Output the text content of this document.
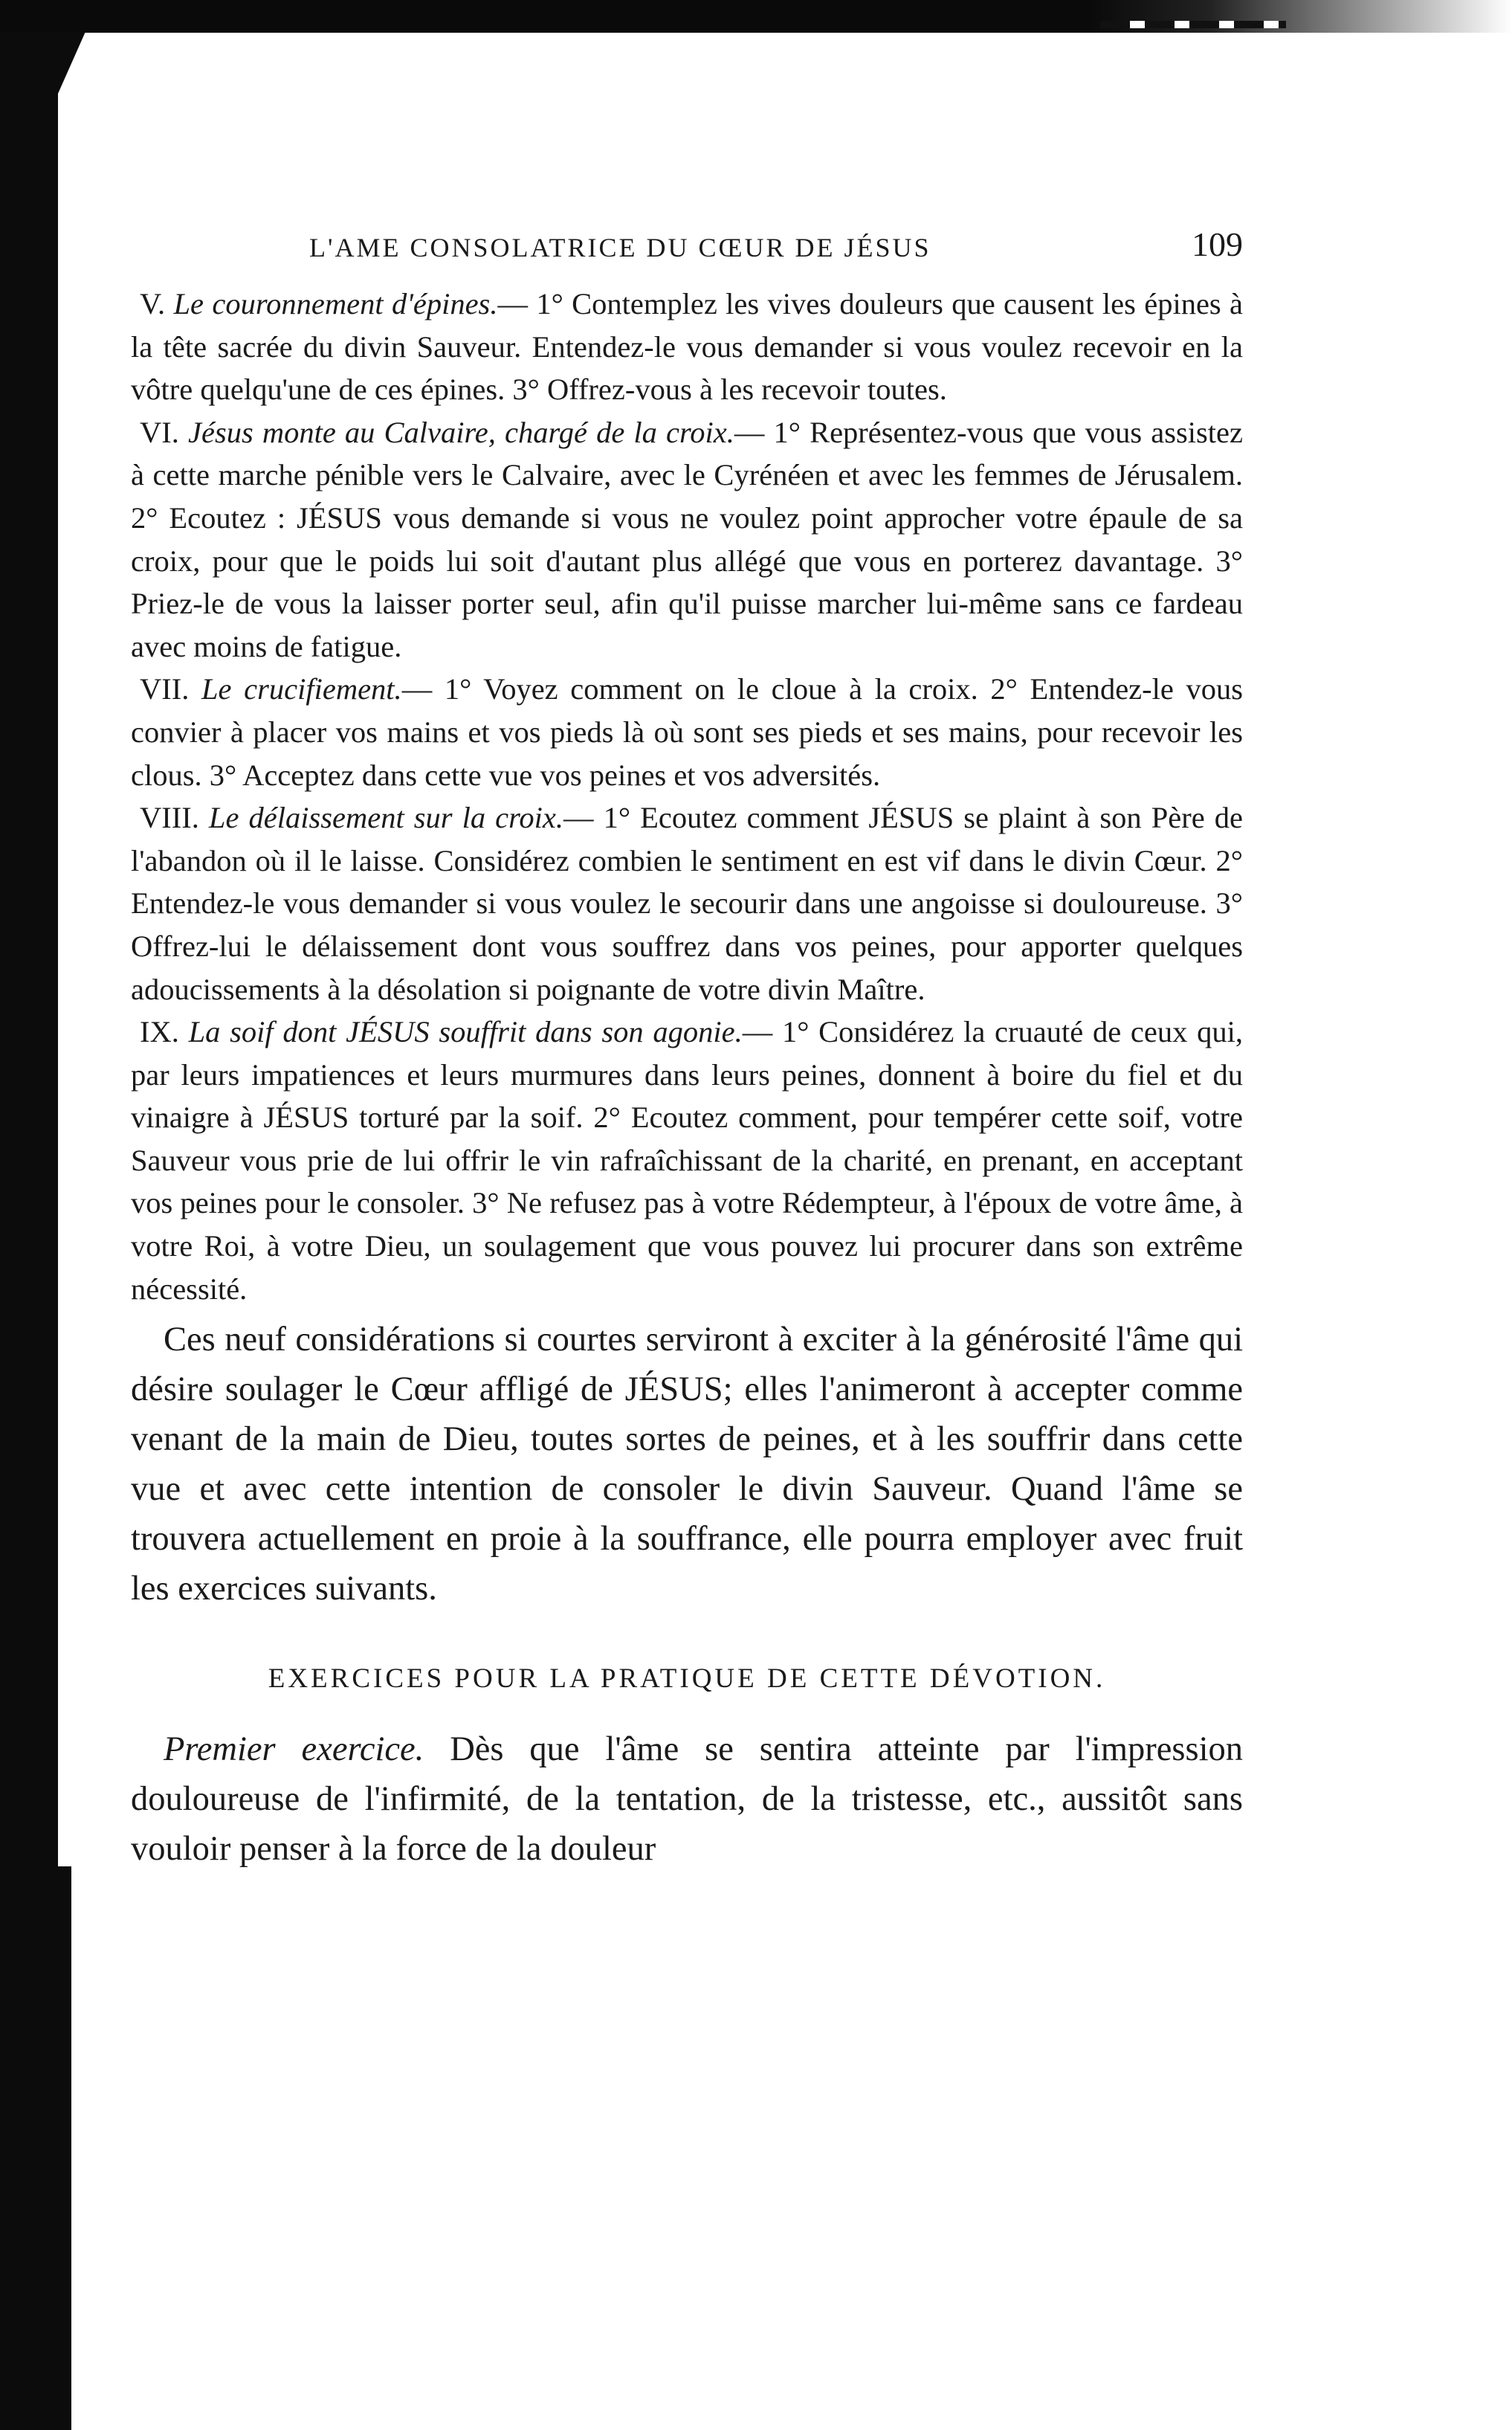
L'AME CONSOLATRICE DU CŒUR DE JÉSUS	109

V. Le couronnement d'épines.— 1° Contemplez les vives douleurs que causent les épines à la tête sacrée du divin Sauveur. Entendez-le vous demander si vous voulez recevoir en la vôtre quelqu'une de ces épines. 3° Offrez-vous à les recevoir toutes.

VI. Jésus monte au Calvaire, chargé de la croix.— 1° Représentez-vous que vous assistez à cette marche pénible vers le Calvaire, avec le Cyrénéen et avec les femmes de Jérusalem. 2° Ecoutez : JÉSUS vous demande si vous ne voulez point approcher votre épaule de sa croix, pour que le poids lui soit d'autant plus allégé que vous en porterez davantage. 3° Priez-le de vous la laisser porter seul, afin qu'il puisse marcher lui-même sans ce fardeau avec moins de fatigue.

VII. Le crucifiement.— 1° Voyez comment on le cloue à la croix. 2° Entendez-le vous convier à placer vos mains et vos pieds là où sont ses pieds et ses mains, pour recevoir les clous. 3° Acceptez dans cette vue vos peines et vos adversités.

VIII. Le délaissement sur la croix.— 1° Ecoutez comment JÉSUS se plaint à son Père de l'abandon où il le laisse. Considérez combien le sentiment en est vif dans le divin Cœur. 2° Entendez-le vous demander si vous voulez le secourir dans une angoisse si douloureuse. 3° Offrez-lui le délaissement dont vous souffrez dans vos peines, pour apporter quelques adoucissements à la désolation si poignante de votre divin Maître.

IX. La soif dont JÉSUS souffrit dans son agonie.— 1° Considérez la cruauté de ceux qui, par leurs impatiences et leurs murmures dans leurs peines, donnent à boire du fiel et du vinaigre à JÉSUS torturé par la soif. 2° Ecoutez comment, pour tempérer cette soif, votre Sauveur vous prie de lui offrir le vin rafraîchissant de la charité, en prenant, en acceptant vos peines pour le consoler. 3° Ne refusez pas à votre Rédempteur, à l'époux de votre âme, à votre Roi, à votre Dieu, un soulagement que vous pouvez lui procurer dans son extrême nécessité.

Ces neuf considérations si courtes serviront à exciter à la générosité l'âme qui désire soulager le Cœur affligé de JÉSUS; elles l'animeront à accepter comme venant de la main de Dieu, toutes sortes de peines, et à les souffrir dans cette vue et avec cette intention de consoler le divin Sauveur. Quand l'âme se trouvera actuellement en proie à la souffrance, elle pourra employer avec fruit les exercices suivants.

EXERCICES POUR LA PRATIQUE DE CETTE DÉVOTION.

Premier exercice. Dès que l'âme se sentira atteinte par l'impression douloureuse de l'infirmité, de la tentation, de la tristesse, etc., aussitôt sans vouloir penser à la force de la douleur
